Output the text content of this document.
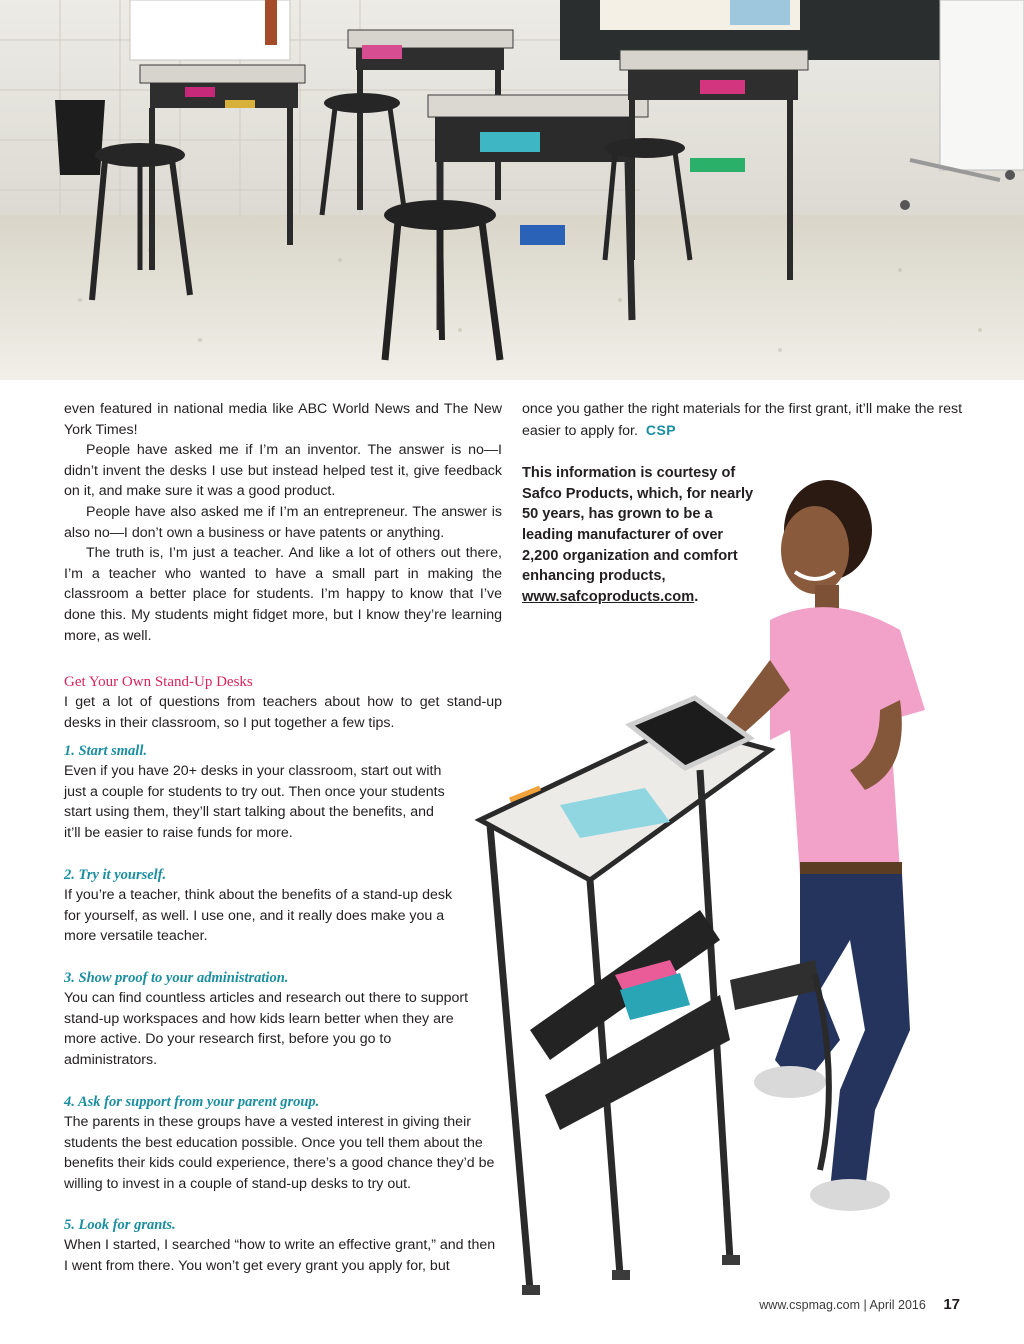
even featured in national media like ABC World News and The New York Times!

People have asked me if I’m an inventor. The answer is no—I didn’t invent the desks I use but instead helped test it, give feedback on it, and make sure it was a good product.

People have also asked me if I’m an entrepreneur. The answer is also no—I don’t own a business or have patents or anything.

The truth is, I’m just a teacher. And like a lot of others out there, I’m a teacher who wanted to have a small part in making the classroom a better place for students. I’m happy to know that I’ve done this. My students might fidget more, but I know they’re learning more, as well.

Get Your Own Stand-Up Desks

I get a lot of questions from teachers about how to get stand-up desks in their classroom, so I put together a few tips.

1. Start small.

Even if you have 20+ desks in your classroom, start out with just a couple for students to try out. Then once your students start using them, they’ll start talking about the benefits, and it’ll be easier to raise funds for more.

2. Try it yourself.

If you’re a teacher, think about the benefits of a stand-up desk for yourself, as well. I use one, and it really does make you a more versatile teacher.

3. Show proof to your administration.

You can find countless articles and research out there to support stand-up workspaces and how kids learn better when they are more active. Do your research first, before you go to administrators.

4. Ask for support from your parent group.

The parents in these groups have a vested interest in giving their students the best education possible. Once you tell them about the benefits their kids could experience, there’s a good chance they’d be willing to invest in a couple of stand-up desks to try out.

5. Look for grants.

When I started, I searched “how to write an effective grant,” and then I went from there. You won’t get every grant you apply for, but

once you gather the right materials for the first grant, it’ll make the rest easier to apply for. CSP

This information is courtesy of Safco Products, which, for nearly 50 years, has grown to be a leading manufacturer of over 2,200 organization and comfort enhancing products, www.safcoproducts.com.
www.cspmag.com | April 2016 17
